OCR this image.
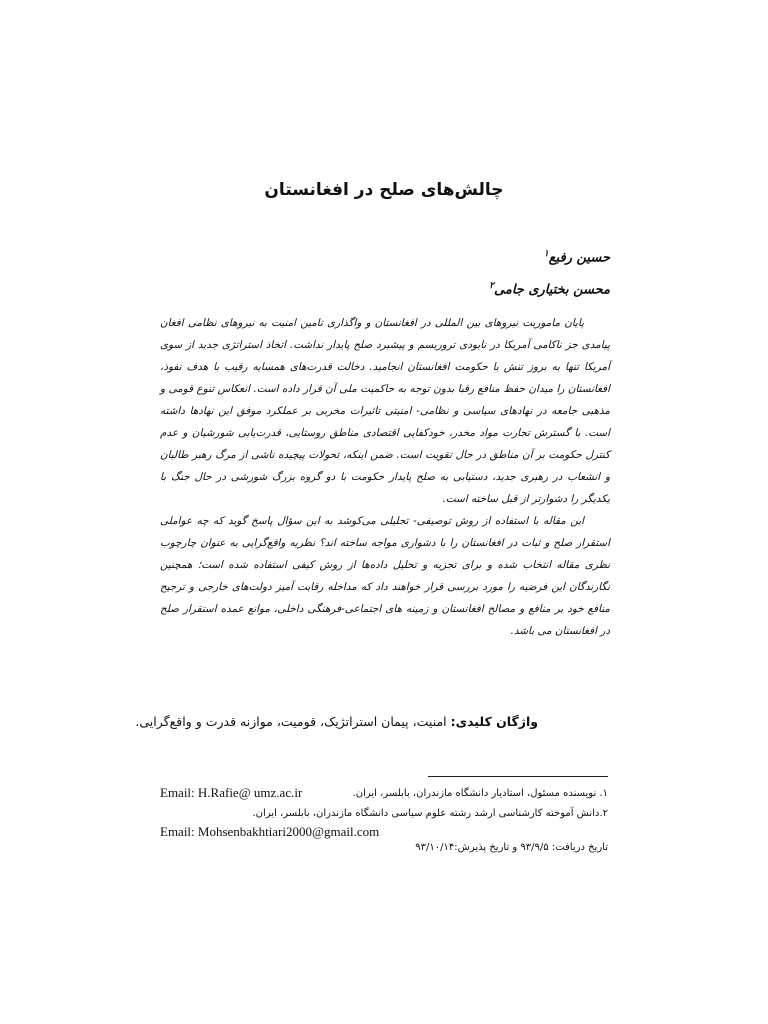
چالش‌های صلح در افغانستان
حسین رفیع$^۱$
محسن بختیاری جامی$^۲$

پایان ماموریت نیروهای بین المللی در افغانستان و واگذاری تامین امنیت به نیروهای نظامی افغان پیامدی جز ناکامی آمریکا در نابودی تروریسم و پیشبرد صلح پایدار نداشت. اتخاذ استراتژی جدید از سوی آمریکا تنها به بروز تنش با حکومت افغانستان انجامید. دخالت قدرت‌های همسایه رقیب با هدف نفوذ، افغانستان را میدان حفظ منافع رقبا بدون توجه به حاکمیت ملی آن قرار داده است. انعکاس تنوع قومی و مذهبی جامعه در نهادهای سیاسی و نظامی- امنیتی تاثیرات مخربی بر عملکرد موفق این نهادها داشته است. با گسترش تجارت مواد مخدر، خودکفایی اقتصادی مناطق روستایی، قدرت‌یابی شورشیان و عدم کنترل حکومت بر آن مناطق در حال تقویت است. ضمن اینکه، تحولات پیچیده ناشی از مرگ رهبر طالبان و انشعاب در رهبری جدید، دستیابی به صلح پایدار حکومت با دو گروه بزرگ شورشی در حال جنگ با یکدیگر را دشوارتر از قبل ساخته است.

این مقاله با استفاده از روش توصیفی- تحلیلی می‌کوشد به این سؤال پاسخ گوید که چه عواملی استقرار صلح و ثبات در افغانستان را با دشواری مواجه ساخته اند؟ نظریه واقع‌گرایی به عنوان چارچوب نظری مقاله انتخاب شده و برای تجزیه و تحلیل داده‌ها از روش کیفی استفاده شده است؛ همچنین نگارندگان این فرضیه را مورد بررسی قرار خواهند داد که مداخله رقابت آمیز دولت‌های خارجی و ترجیح منافع خود بر منافع و مصالح افغانستان و زمینه های اجتماعی-فرهنگی داخلی، موانع عمده استقرار صلح در افغانستان می باشد.

واژگان کلیدی: امنیت، پیمان استراتژیک، قومیت، موازنه قدرت و واقع‌گرایی.
۱. نویسنده مسئول، استادیار دانشگاه مازندران، بابلسر، ایران.
Email: H.Rafie@ umz.ac.ir
۲.دانش آموخته کارشناسی ارشد رشته علوم سیاسی دانشگاه مازندران، بابلسر، ایران.
Email: Mohsenbakhtiari2000@gmail.com
تاریخ دریافت: ۹۳/۹/۵ و تاریخ پذیرش:۹۳/۱۰/۱۴
